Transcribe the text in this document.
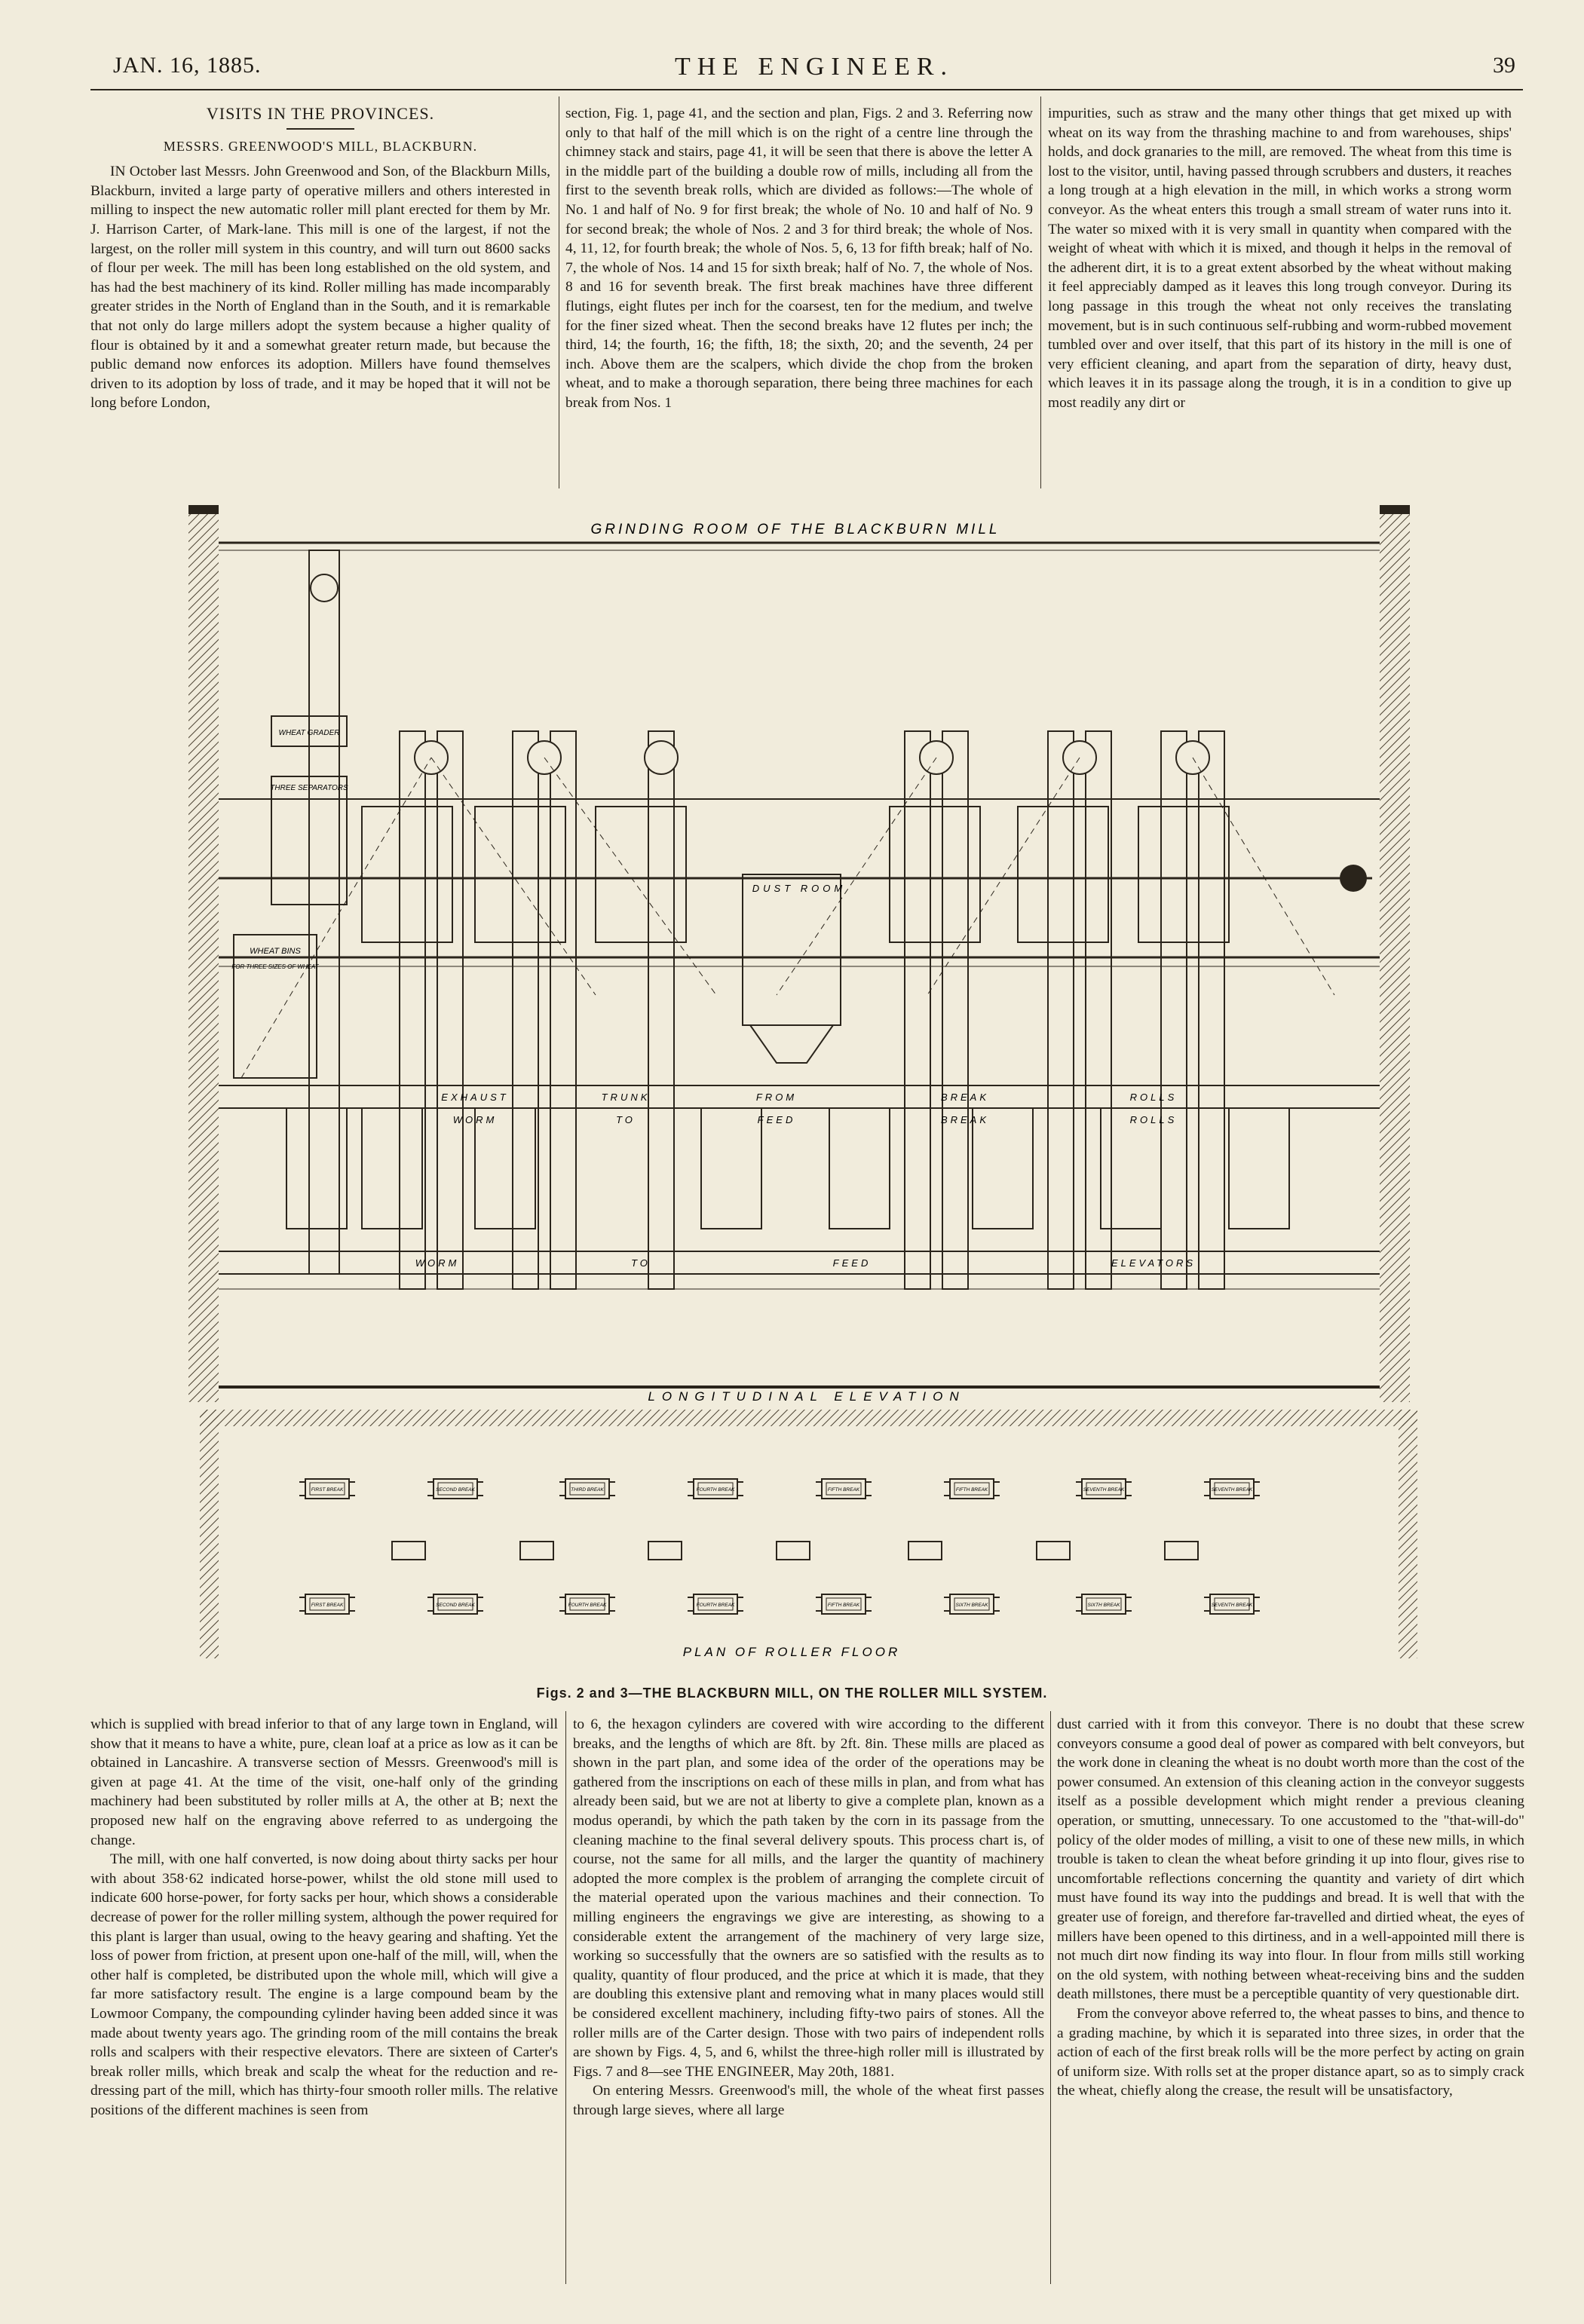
JAN. 16, 1885.	THE ENGINEER.	39
VISITS IN THE PROVINCES.
MESSRS. GREENWOOD'S MILL, BLACKBURN.

IN October last Messrs. John Greenwood and Son, of the Blackburn Mills, Blackburn, invited a large party of operative millers and others interested in milling to inspect the new automatic roller mill plant erected for them by Mr. J. Harrison Carter, of Mark-lane. This mill is one of the largest, if not the largest, on the roller mill system in this country, and will turn out 8600 sacks of flour per week. The mill has been long established on the old system, and has had the best machinery of its kind. Roller milling has made incomparably greater strides in the North of England than in the South, and it is remarkable that not only do large millers adopt the system because a higher quality of flour is obtained by it and a somewhat greater return made, but because the public demand now enforces its adoption. Millers have found themselves driven to its adoption by loss of trade, and it may be hoped that it will not be long before London,

section, Fig. 1, page 41, and the section and plan, Figs. 2 and 3. Referring now only to that half of the mill which is on the right of a centre line through the chimney stack and stairs, page 41, it will be seen that there is above the letter A in the middle part of the building a double row of mills, including all from the first to the seventh break rolls, which are divided as follows:—The whole of No. 1 and half of No. 9 for first break; the whole of No. 10 and half of No. 9 for second break; the whole of Nos. 2 and 3 for third break; the whole of Nos. 4, 11, 12, for fourth break; the whole of Nos. 5, 6, 13 for fifth break; half of No. 7, the whole of Nos. 14 and 15 for sixth break; half of No. 7, the whole of Nos. 8 and 16 for seventh break. The first break machines have three different flutings, eight flutes per inch for the coarsest, ten for the medium, and twelve for the finer sized wheat. Then the second breaks have 12 flutes per inch; the third, 14; the fourth, 16; the fifth, 18; the sixth, 20; and the seventh, 24 per inch. Above them are the scalpers, which divide the chop from the broken wheat, and to make a thorough separation, there being three machines for each break from Nos. 1

impurities, such as straw and the many other things that get mixed up with wheat on its way from the thrashing machine to and from warehouses, ships' holds, and dock granaries to the mill, are removed. The wheat from this time is lost to the visitor, until, having passed through scrubbers and dusters, it reaches a long trough at a high elevation in the mill, in which works a strong worm conveyor. As the wheat enters this trough a small stream of water runs into it. The water so mixed with it is very small in quantity when compared with the weight of wheat with which it is mixed, and though it helps in the removal of the adherent dirt, it is to a great extent absorbed by the wheat without making it feel appreciably damped as it leaves this long trough conveyor. During its long passage in this trough the wheat not only receives the translating movement, but is in such continuous self-rubbing and worm-rubbed movement tumbled over and over itself, that this part of its history in the mill is one of very efficient cleaning, and apart from the separation of dirty, heavy dust, which leaves it in its passage along the trough, it is in a condition to give up most readily any dirt or

GRINDING ROOM OF THE BLACKBURN MILL
DUST ROOM
WHEAT GRADER
THREE SEPARATORS
WHEAT BINS
FOR THREE SIZES OF WHEAT
EXHAUST	TRUNK	FROM	BREAK	ROLLS
WORM	TO	FEED	BREAK	ROLLS
WORM	TO	FEED	ELEVATORS
LONGITUDINAL ELEVATION
FIRST BREAK	SECOND BREAK	THIRD BREAK	FOURTH BREAK	FIFTH BREAK	FIFTH BREAK	SEVENTH BREAK	SEVENTH BREAK
FIRST BREAK	SECOND BREAK	FOURTH BREAK	FOURTH BREAK	FIFTH BREAK	SIXTH BREAK	SIXTH BREAK	SEVENTH BREAK
PLAN OF ROLLER FLOOR
Figs. 2 and 3—THE BLACKBURN MILL, ON THE ROLLER MILL SYSTEM.

which is supplied with bread inferior to that of any large town in England, will show that it means to have a white, pure, clean loaf at a price as low as it can be obtained in Lancashire. A transverse section of Messrs. Greenwood's mill is given at page 41. At the time of the visit, one-half only of the grinding machinery had been substituted by roller mills at A, the other at B; next the proposed new half on the engraving above referred to as undergoing the change.

The mill, with one half converted, is now doing about thirty sacks per hour with about 358·62 indicated horse-power, whilst the old stone mill used to indicate 600 horse-power, for forty sacks per hour, which shows a considerable decrease of power for the roller milling system, although the power required for this plant is larger than usual, owing to the heavy gearing and shafting. Yet the loss of power from friction, at present upon one-half of the mill, will, when the other half is completed, be distributed upon the whole mill, which will give a far more satisfactory result. The engine is a large compound beam by the Lowmoor Company, the compounding cylinder having been added since it was made about twenty years ago. The grinding room of the mill contains the break rolls and scalpers with their respective elevators. There are sixteen of Carter's break roller mills, which break and scalp the wheat for the reduction and re-dressing part of the mill, which has thirty-four smooth roller mills. The relative positions of the different machines is seen from

to 6, the hexagon cylinders are covered with wire according to the different breaks, and the lengths of which are 8ft. by 2ft. 8in. These mills are placed as shown in the part plan, and some idea of the order of the operations may be gathered from the inscriptions on each of these mills in plan, and from what has already been said, but we are not at liberty to give a complete plan, known as a modus operandi, by which the path taken by the corn in its passage from the cleaning machine to the final several delivery spouts. This process chart is, of course, not the same for all mills, and the larger the quantity of machinery adopted the more complex is the problem of arranging the complete circuit of the material operated upon the various machines and their connection. To milling engineers the engravings we give are interesting, as showing to a considerable extent the arrangement of the machinery of very large size, working so successfully that the owners are so satisfied with the results as to quality, quantity of flour produced, and the price at which it is made, that they are doubling this extensive plant and removing what in many places would still be considered excellent machinery, including fifty-two pairs of stones. All the roller mills are of the Carter design. Those with two pairs of independent rolls are shown by Figs. 4, 5, and 6, whilst the three-high roller mill is illustrated by Figs. 7 and 8—see THE ENGINEER, May 20th, 1881.

On entering Messrs. Greenwood's mill, the whole of the wheat first passes through large sieves, where all large

dust carried with it from this conveyor. There is no doubt that these screw conveyors consume a good deal of power as compared with belt conveyors, but the work done in cleaning the wheat is no doubt worth more than the cost of the power consumed. An extension of this cleaning action in the conveyor suggests itself as a possible development which might render a previous cleaning operation, or smutting, unnecessary. To one accustomed to the "that-will-do" policy of the older modes of milling, a visit to one of these new mills, in which trouble is taken to clean the wheat before grinding it up into flour, gives rise to uncomfortable reflections concerning the quantity and variety of dirt which must have found its way into the puddings and bread. It is well that with the greater use of foreign, and therefore far-travelled and dirtied wheat, the eyes of millers have been opened to this dirtiness, and in a well-appointed mill there is not much dirt now finding its way into flour. In flour from mills still working on the old system, with nothing between wheat-receiving bins and the sudden death millstones, there must be a perceptible quantity of very questionable dirt.

From the conveyor above referred to, the wheat passes to bins, and thence to a grading machine, by which it is separated into three sizes, in order that the action of each of the first break rolls will be the more perfect by acting on grain of uniform size. With rolls set at the proper distance apart, so as to simply crack the wheat, chiefly along the crease, the result will be unsatisfactory,
